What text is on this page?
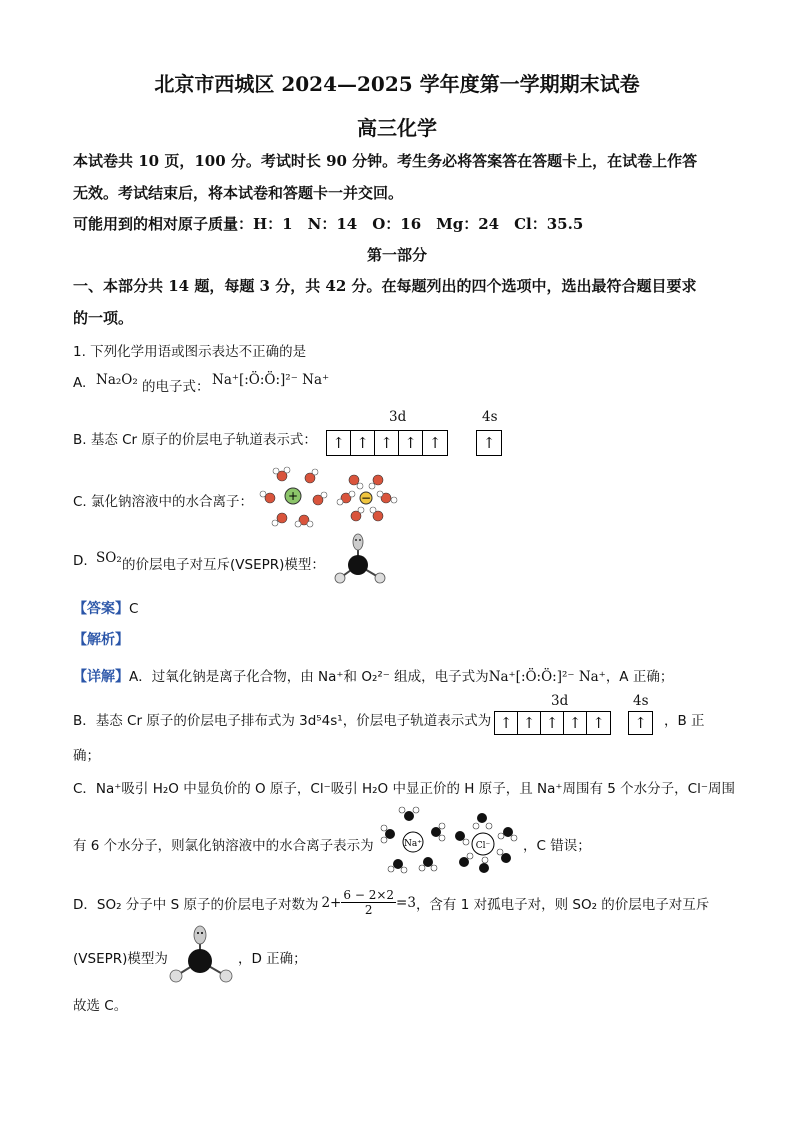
北京市西城区 2024—2025 学年度第一学期期末试卷
高三化学
本试卷共 10 页，100 分。考试时长 90 分钟。考生务必将答案答在答题卡上，在试卷上作答
无效。考试结束后，将本试卷和答题卡一并交回。
可能用到的相对原子质量：H：1　N：14　O：16　Mg：24　Cl：35.5
第一部分
一、本部分共 14 题，每题 3 分，共 42 分。在每题列出的四个选项中，选出最符合题目要求
的一项。
1. 下列化学用语或图示表达不正确的是
A. Na₂O₂ 的电子式： Na⁺[:Ö:Ö:]²⁻ Na⁺
B. 基态 Cr 原子的价层电子轨道表示式：
3d	4s
↑ ↑ ↑ ↑ ↑	↑
C. 氯化钠溶液中的水合离子：	+	−
D. SO₂ 的价层电子对互斥(VSEPR)模型：
【答案】C
【解析】
【详解】A．过氧化钠是离子化合物，由 Na⁺和 O₂²⁻ 组成，电子式为Na⁺[:Ö:Ö:]²⁻ Na⁺，A 正确；
B．基态 Cr 原子的价层电子排布式为 3d⁵4s¹，价层电子轨道表示式为
3d	4s
↑ ↑ ↑ ↑ ↑	↑	，B 正
确；
C．Na⁺吸引 H₂O 中显负价的 O 原子，Cl⁻吸引 H₂O 中显正价的 H 原子，且 Na⁺周围有 5 个水分子，Cl⁻周围
有 6 个水分子，则氯化钠溶液中的水合离子表示为	Na⁺	Cl⁻ ，C 错误；
D． SO₂ 分子中 S 原子的价层电子对数为 $2+ \frac{6 - 2\times 2}{2} =3$ ，含有 1 对孤电子对，则 SO₂ 的价层电子对互斥
(VSEPR)模型为	，D 正确；
故选 C。
